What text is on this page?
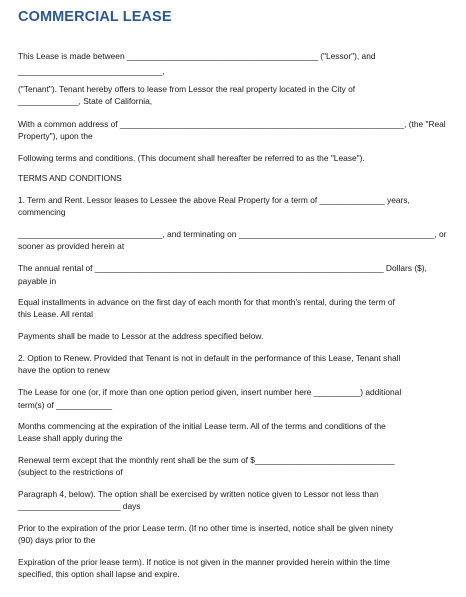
COMMERCIAL LEASE
This Lease is made between _________________________________________ ("Lessor"), and
_______________________________,
("Tenant"). Tenant hereby offers to lease from Lessor the real property located in the City of
_____________, State of California,
With a common address of _____________________________________________________________, (the "Real
Property"), upon the
Following terms and conditions. (This document shall hereafter be referred to as the "Lease").
TERMS AND CONDITIONS
1. Term and Rent. Lessor leases to Lessee the above Real Property for a term of ______________ years,
commencing
_______________________________, and terminating on __________________________________________, or
sooner as provided herein at
The annual rental of ______________________________________________________________ Dollars ($),
payable in
Equal installments in advance on the first day of each month for that month's rental, during the term of
this Lease. All rental
Payments shall be made to Lessor at the address specified below.
2. Option to Renew. Provided that Tenant is not in default in the performance of this Lease, Tenant shall
have the option to renew
The Lease for one (or, if more than one option period given, insert number here __________) additional
term(s) of ____________
Months commencing at the expiration of the initial Lease term. All of the terms and conditions of the
Lease shall apply during the
Renewal term except that the monthly rent shall be the sum of $______________________________
(subject to the restrictions of
Paragraph 4, below). The option shall be exercised by written notice given to Lessor not less than
______________________ days
Prior to the expiration of the prior Lease term. (If no other time is inserted, notice shall be given ninety
(90) days prior to the
Expiration of the prior lease term). If notice is not given in the manner provided herein within the time
specified, this option shall lapse and expire.
